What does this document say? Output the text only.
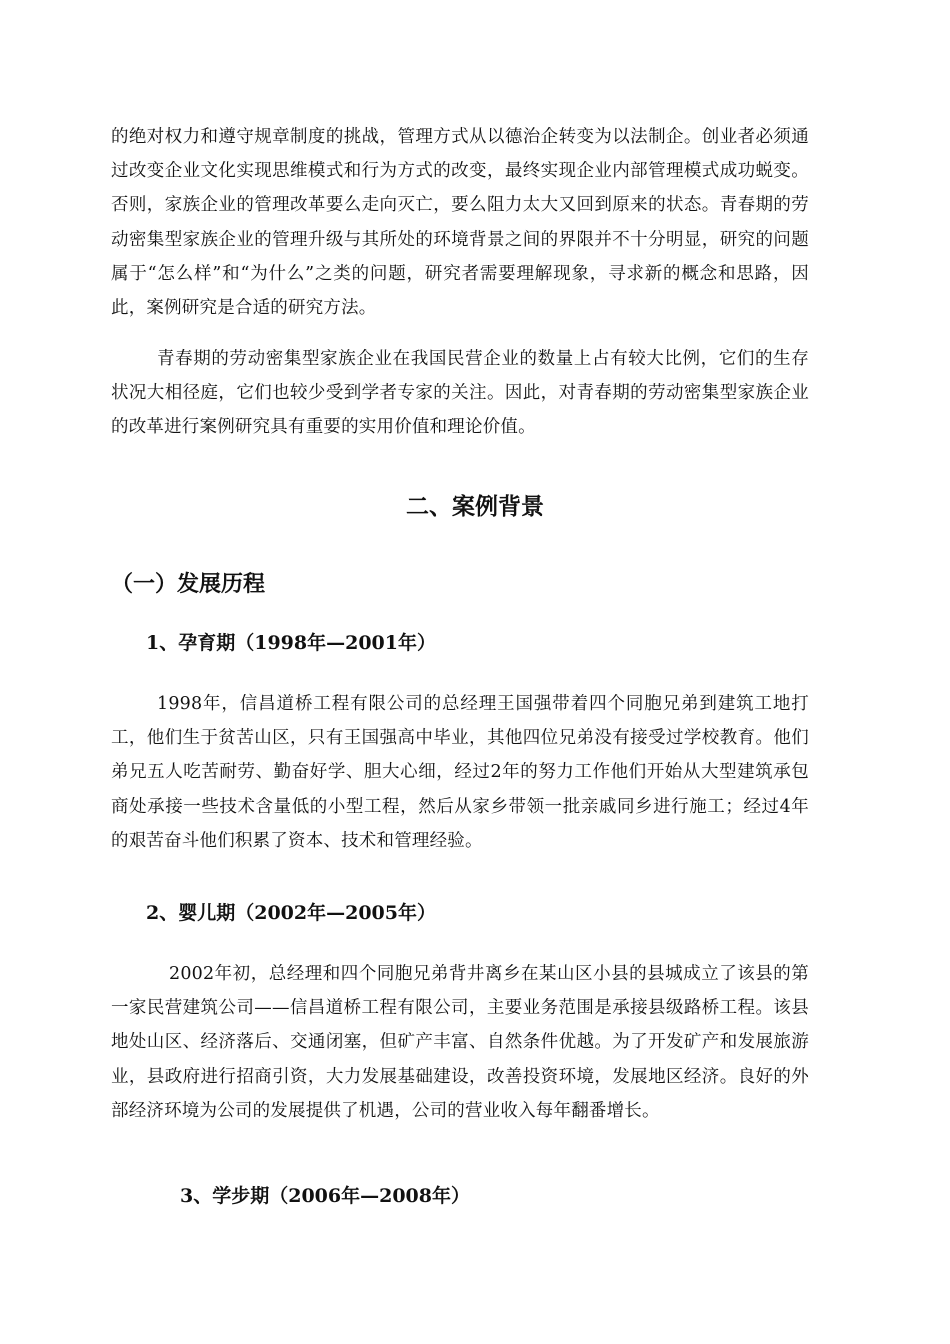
的绝对权力和遵守规章制度的挑战，管理方式从以德治企转变为以法制企。创业者必须通过改变企业文化实现思维模式和行为方式的改变，最终实现企业内部管理模式成功蜕变。否则，家族企业的管理改革要么走向灭亡，要么阻力太大又回到原来的状态。青春期的劳动密集型家族企业的管理升级与其所处的环境背景之间的界限并不十分明显，研究的问题属于“怎么样”和“为什么”之类的问题，研究者需要理解现象，寻求新的概念和思路，因此，案例研究是合适的研究方法。

青春期的劳动密集型家族企业在我国民营企业的数量上占有较大比例，它们的生存状况大相径庭，它们也较少受到学者专家的关注。因此，对青春期的劳动密集型家族企业的改革进行案例研究具有重要的实用价值和理论价值。

二、案例背景
（一）发展历程
1、孕育期（1998年—2001年）

1998年，信昌道桥工程有限公司的总经理王国强带着四个同胞兄弟到建筑工地打工，他们生于贫苦山区，只有王国强高中毕业，其他四位兄弟没有接受过学校教育。他们弟兄五人吃苦耐劳、勤奋好学、胆大心细，经过2年的努力工作他们开始从大型建筑承包商处承接一些技术含量低的小型工程，然后从家乡带领一批亲戚同乡进行施工；经过4年的艰苦奋斗他们积累了资本、技术和管理经验。

2、婴儿期（2002年—2005年）

2002年初，总经理和四个同胞兄弟背井离乡在某山区小县的县城成立了该县的第一家民营建筑公司——信昌道桥工程有限公司，主要业务范围是承接县级路桥工程。该县地处山区、经济落后、交通闭塞，但矿产丰富、自然条件优越。为了开发矿产和发展旅游业，县政府进行招商引资，大力发展基础建设，改善投资环境，发展地区经济。良好的外部经济环境为公司的发展提供了机遇，公司的营业收入每年翻番增长。

3、学步期（2006年—2008年）
